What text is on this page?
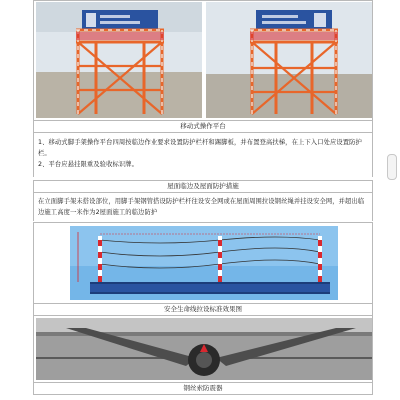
移动式操作平台
1、移动式脚手架操作平台四周按临边作业要求设置防护栏杆和踢脚板，并布置登高扶梯，在上下入口处应设置防护栏。
2、平台应悬挂限重及验收标识牌。
屋面临边及屋面防护措施
在立面脚手架未搭设部位，用脚手架钢管搭设防护栏杆往设安全网或在屋面周围拉设钢丝绳并挂设安全网，并超出临边施工高度一米作为2屋面施工的临边防护
安全生命线拉设标准效果图
钢丝索防震器
